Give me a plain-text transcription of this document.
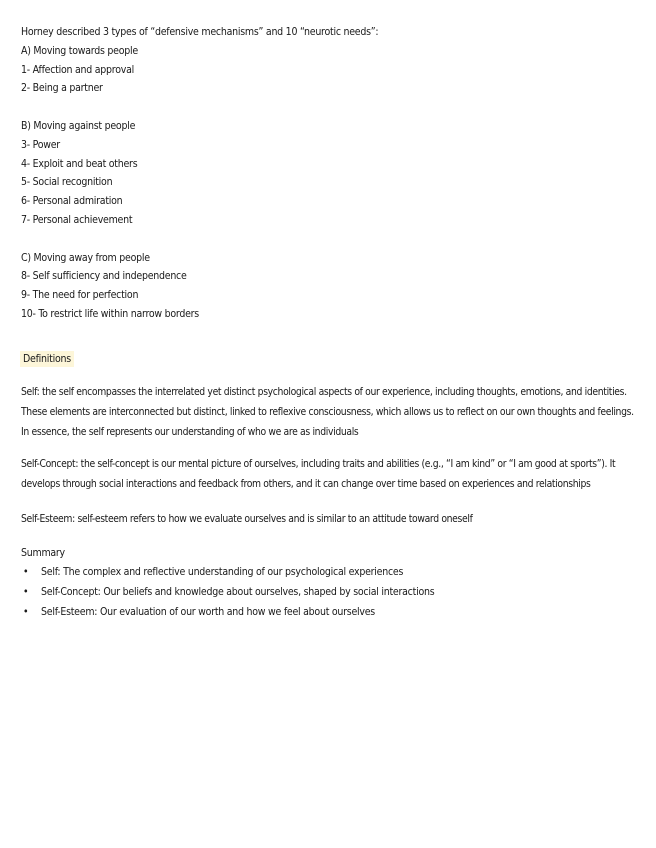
Horney described 3 types of “defensive mechanisms” and 10 “neurotic needs”:
A) Moving towards people
1- Affection and approval
2- Being a partner
B) Moving against people
3- Power
4- Exploit and beat others
5- Social recognition
6- Personal admiration
7- Personal achievement
C) Moving away from people
8- Self sufficiency and independence
9- The need for perfection
10- To restrict life within narrow borders
Definitions

Self: the self encompasses the interrelated yet distinct psychological aspects of our experience, including thoughts, emotions, and identities. These elements are interconnected but distinct, linked to reflexive consciousness, which allows us to reflect on our own thoughts and feelings. In essence, the self represents our understanding of who we are as individuals

Self-Concept: the self-concept is our mental picture of ourselves, including traits and abilities (e.g., “I am kind” or “I am good at sports”). It develops through social interactions and feedback from others, and it can change over time based on experiences and relationships

Self-Esteem: self-esteem refers to how we evaluate ourselves and is similar to an attitude toward oneself

Summary
• Self: The complex and reflective understanding of our psychological experiences
• Self-Concept: Our beliefs and knowledge about ourselves, shaped by social interactions
• Self-Esteem: Our evaluation of our worth and how we feel about ourselves
